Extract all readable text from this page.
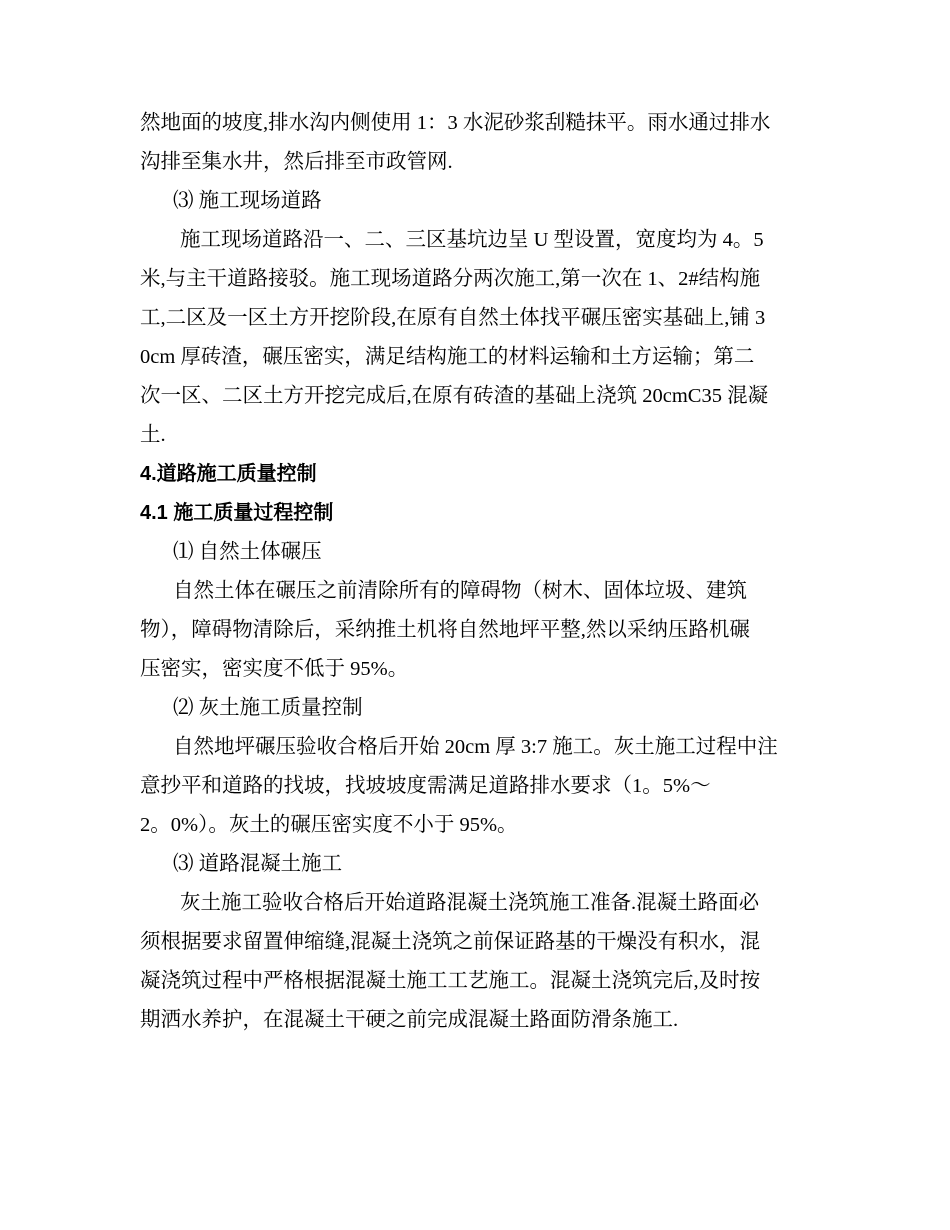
然地面的坡度,排水沟内侧使用 1：3 水泥砂浆刮糙抹平。雨水通过排水

沟排至集水井，然后排至市政管网.

⑶ 施工现场道路

施工现场道路沿一、二、三区基坑边呈 U 型设置，宽度均为 4。5

米,与主干道路接驳。施工现场道路分两次施工,第一次在 1、2#结构施

工,二区及一区土方开挖阶段,在原有自然土体找平碾压密实基础上,铺 3

0cm 厚砖渣，碾压密实，满足结构施工的材料运输和土方运输；第二

次一区、二区土方开挖完成后,在原有砖渣的基础上浇筑 20cmC35 混凝

土.

4.道路施工质量控制

4.1 施工质量过程控制

⑴ 自然土体碾压

自然土体在碾压之前清除所有的障碍物（树木、固体垃圾、建筑

物），障碍物清除后，采纳推土机将自然地坪平整,然以采纳压路机碾

压密实，密实度不低于 95%。

⑵ 灰土施工质量控制

自然地坪碾压验收合格后开始 20cm 厚 3:7 施工。灰土施工过程中注

意抄平和道路的找坡，找坡坡度需满足道路排水要求（1。5%～

2。0%）。灰土的碾压密实度不小于 95%。

⑶ 道路混凝土施工

灰土施工验收合格后开始道路混凝土浇筑施工准备.混凝土路面必

须根据要求留置伸缩缝,混凝土浇筑之前保证路基的干燥没有积水，混

凝浇筑过程中严格根据混凝土施工工艺施工。混凝土浇筑完后,及时按

期洒水养护，在混凝土干硬之前完成混凝土路面防滑条施工.
